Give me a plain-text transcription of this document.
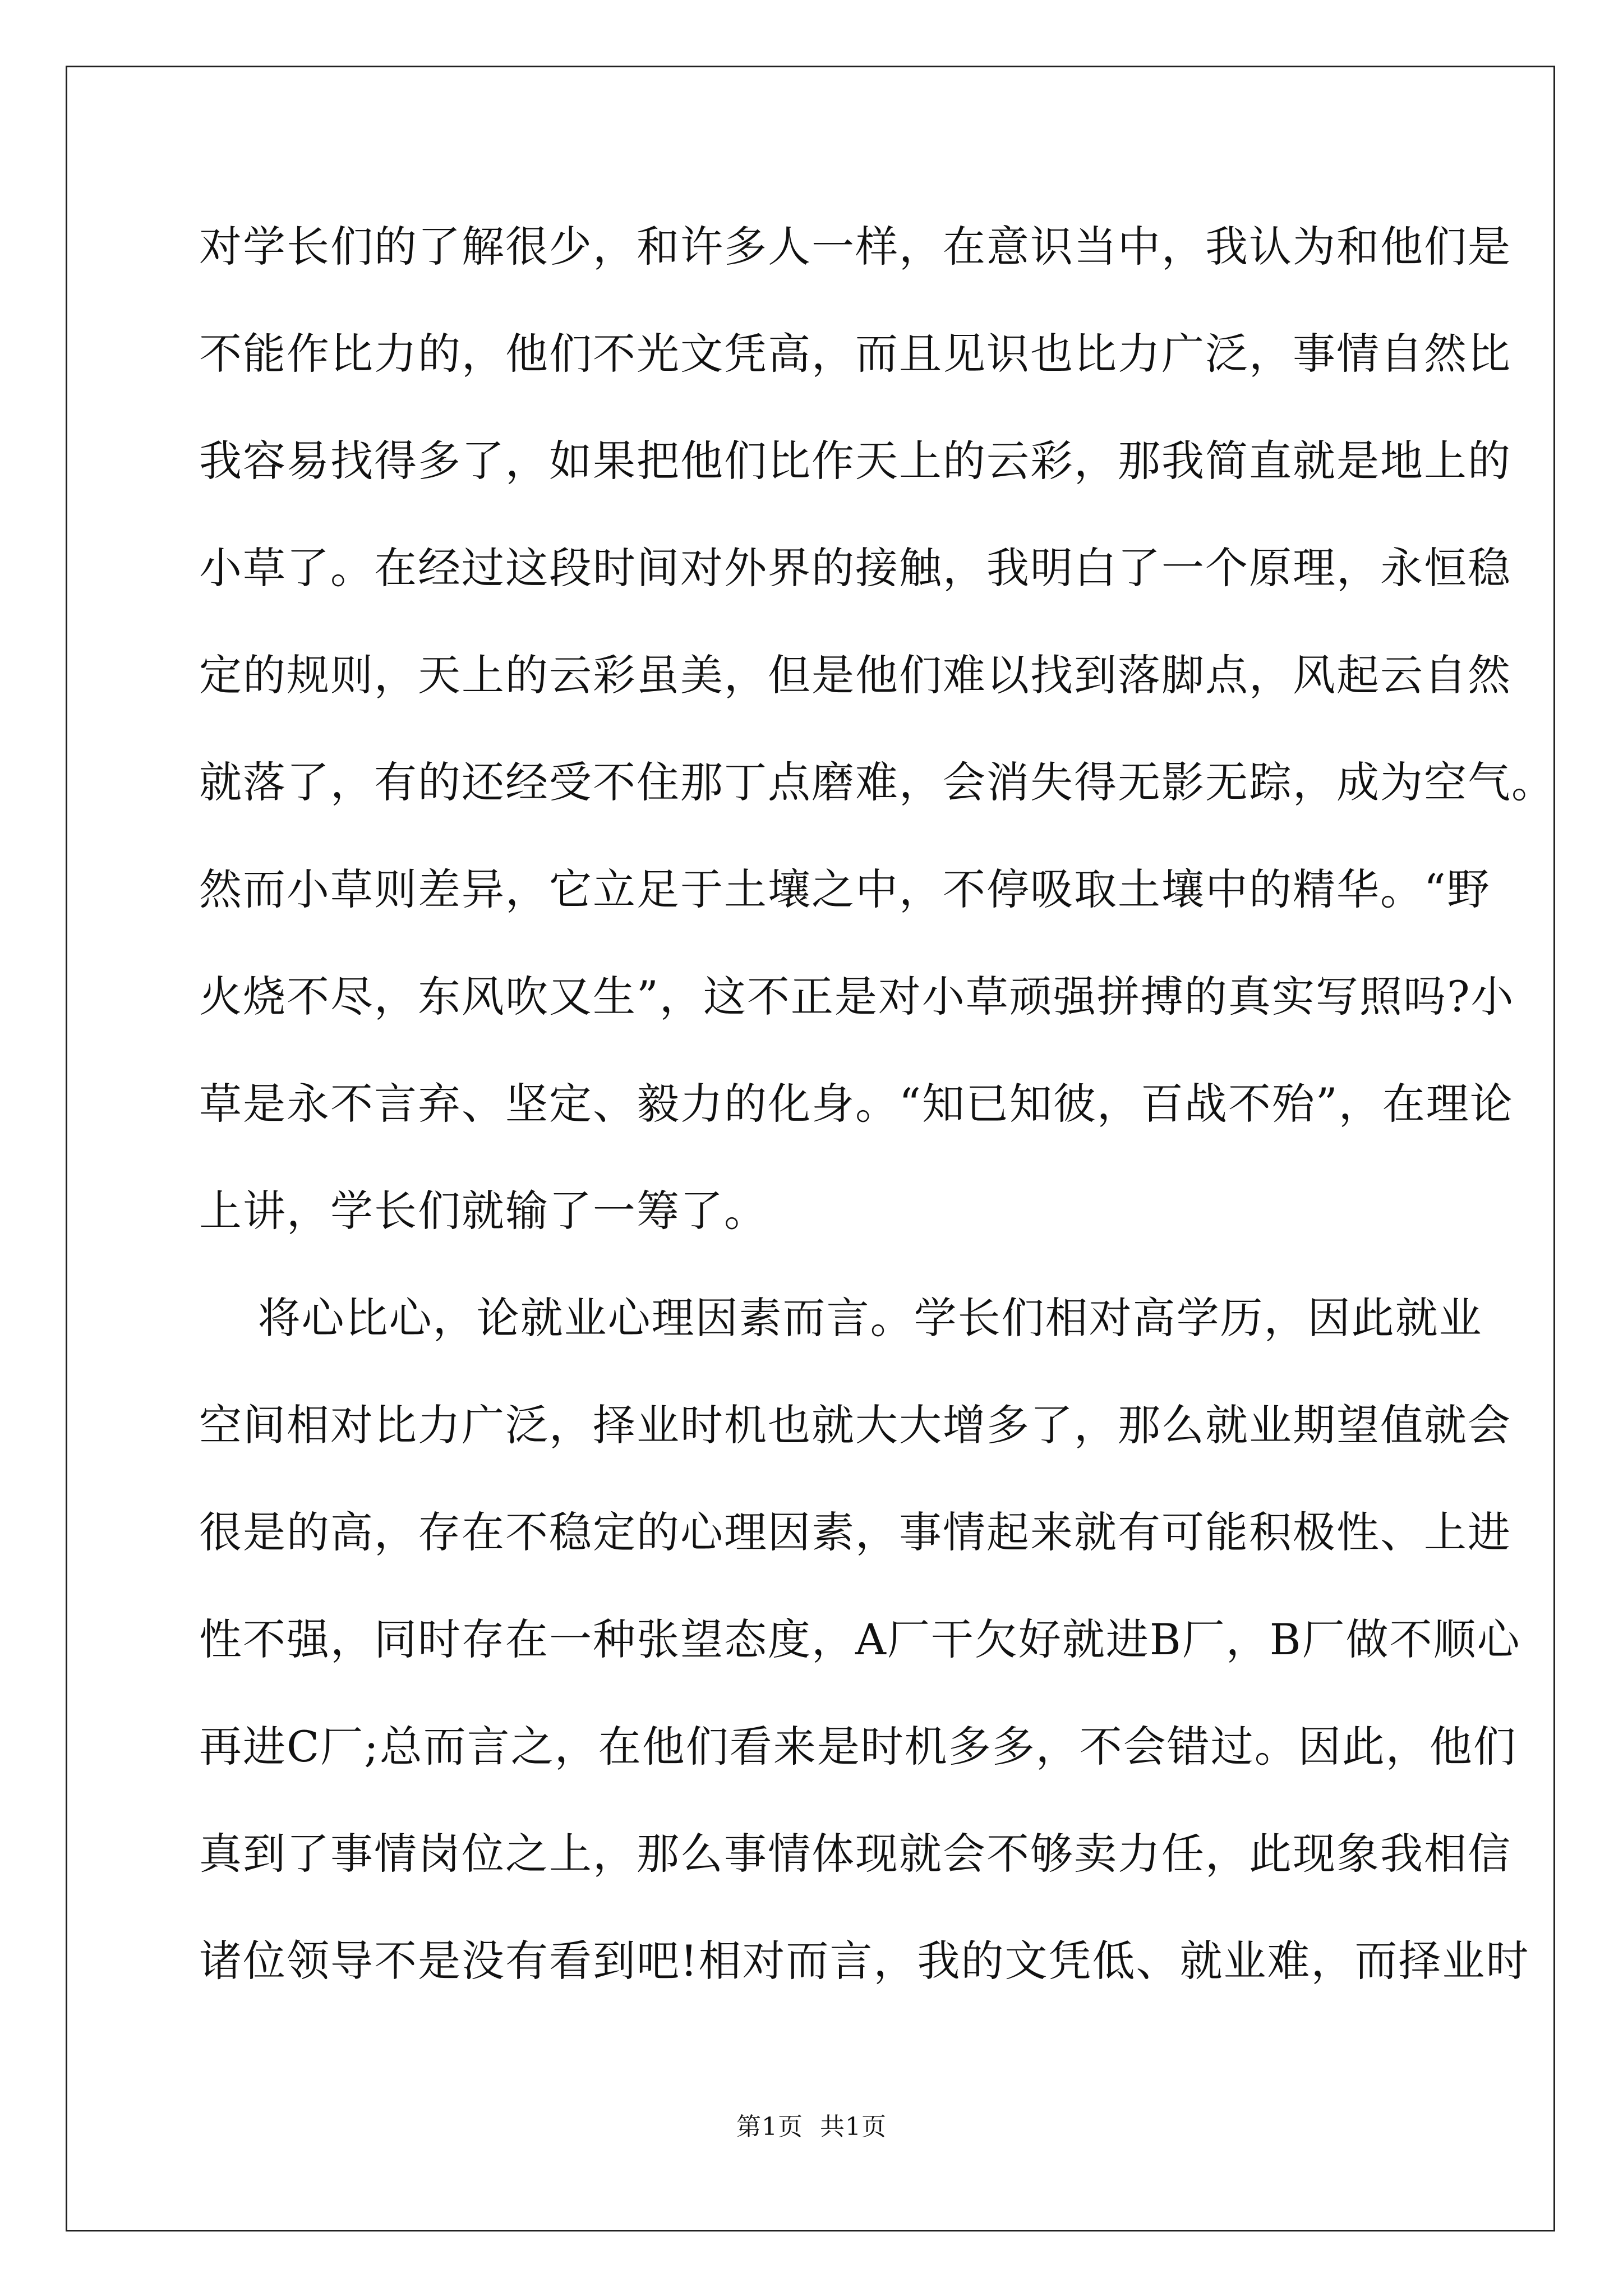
对学长们的了解很少，和许多人一样，在意识当中，我认为和他们是
不能作比力的，他们不光文凭高，而且见识也比力广泛，事情自然比
我容易找得多了，如果把他们比作天上的云彩，那我简直就是地上的
小草了。在经过这段时间对外界的接触，我明白了一个原理，永恒稳
定的规则，天上的云彩虽美，但是他们难以找到落脚点，风起云自然
就落了，有的还经受不住那丁点磨难，会消失得无影无踪，成为空气。
然而小草则差异，它立足于土壤之中，不停吸取土壤中的精华。“野
火烧不尽，东风吹又生”，这不正是对小草顽强拼搏的真实写照吗?小
草是永不言弃、坚定、毅力的化身。“知已知彼，百战不殆”，在理论
上讲，学长们就输了一筹了。
将心比心，论就业心理因素而言。学长们相对高学历，因此就业
空间相对比力广泛，择业时机也就大大增多了，那么就业期望值就会
很是的高，存在不稳定的心理因素，事情起来就有可能积极性、上进
性不强，同时存在一种张望态度，A厂干欠好就进B厂，B厂做不顺心
再进C厂;总而言之，在他们看来是时机多多，不会错过。因此，他们
真到了事情岗位之上，那么事情体现就会不够卖力任，此现象我相信
诸位领导不是没有看到吧!相对而言，我的文凭低、就业难，而择业时
第1页  共1页
